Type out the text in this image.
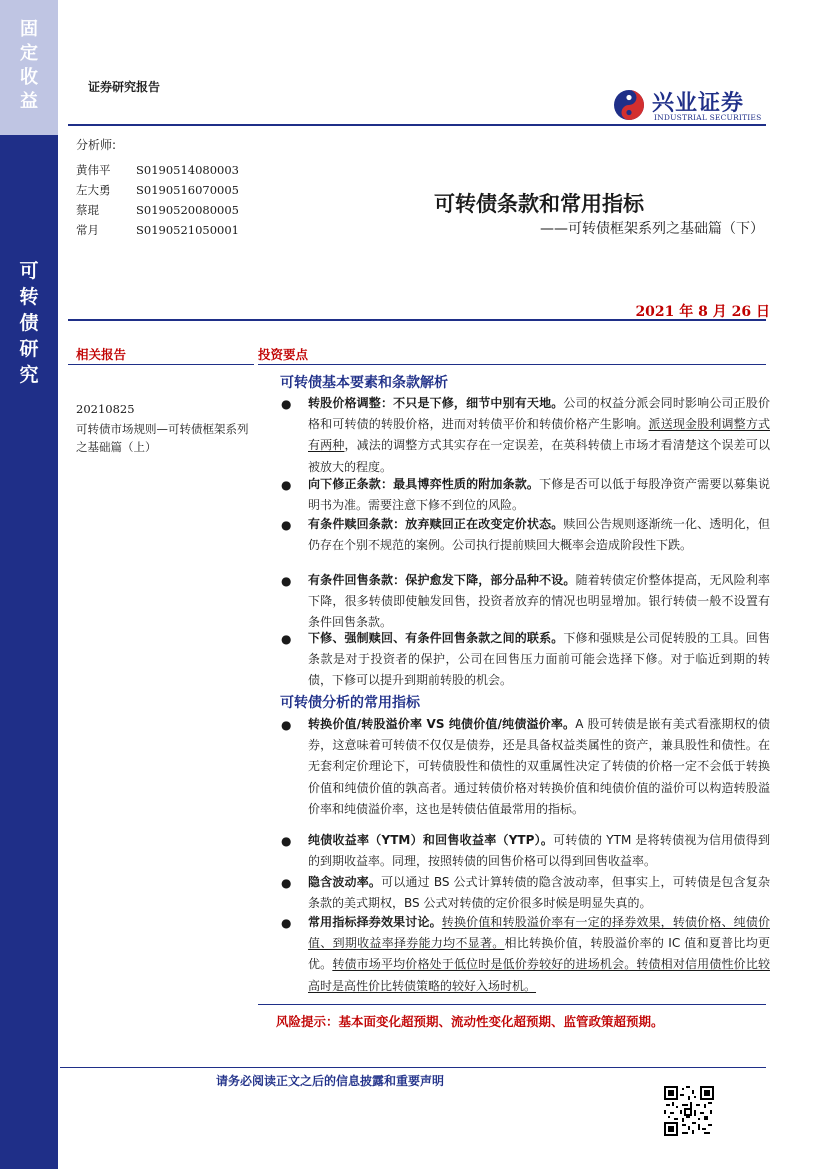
固
定
收
益
可
转
债
研
究
证券研究报告
兴业证券
INDUSTRIAL SECURITIES
分析师:
黄伟平 S0190514080003
左大勇 S0190516070005
蔡琨	S0190520080005
常月	S0190521050001
可转债条款和常用指标
——可转债框架系列之基础篇（下）
2021 年 8 月 26 日
相关报告
20210825
可转债市场规则—可转债框架系列之基础篇（上）
投资要点
可转债基本要素和条款解析
● 转股价格调整：不只是下修，细节中别有天地。公司的权益分派会同时影响公司正股价格和可转债的转股价格，进而对转债平价和转债价格产生影响。派送现金股利调整方式有两种，减法的调整方式其实存在一定误差，在英科转债上市场才看清楚这个误差可以被放大的程度。
● 向下修正条款：最具博弈性质的附加条款。下修是否可以低于每股净资产需要以募集说明书为准。需要注意下修不到位的风险。
● 有条件赎回条款：放弃赎回正在改变定价状态。赎回公告规则逐渐统一化、透明化，但仍存在个别不规范的案例。公司执行提前赎回大概率会造成阶段性下跌。
● 有条件回售条款：保护愈发下降，部分品种不设。随着转债定价整体提高，无风险利率下降，很多转债即使触发回售，投资者放弃的情况也明显增加。银行转债一般不设置有条件回售条款。
● 下修、强制赎回、有条件回售条款之间的联系。下修和强赎是公司促转股的工具。回售条款是对于投资者的保护，公司在回售压力面前可能会选择下修。对于临近到期的转债，下修可以提升到期前转股的机会。
可转债分析的常用指标
● 转换价值/转股溢价率 VS 纯债价值/纯债溢价率。A 股可转债是嵌有美式看涨期权的债券，这意味着可转债不仅仅是债券，还是具备权益类属性的资产，兼具股性和债性。在无套利定价理论下，可转债股性和债性的双重属性决定了转债的价格一定不会低于转换价值和纯债价值的孰高者。通过转债价格对转换价值和纯债价值的溢价可以构造转股溢价率和纯债溢价率，这也是转债估值最常用的指标。
● 纯债收益率（YTM）和回售收益率（YTP）。可转债的 YTM 是将转债视为信用债得到的到期收益率。同理，按照转债的回售价格可以得到回售收益率。
● 隐含波动率。可以通过 BS 公式计算转债的隐含波动率，但事实上，可转债是包含复杂条款的美式期权，BS 公式对转债的定价很多时候是明显失真的。
● 常用指标择券效果讨论。转换价值和转股溢价率有一定的择券效果，转债价格、纯债价值、到期收益率择券能力均不显著。相比转换价值，转股溢价率的 IC 值和夏普比均更优。转债市场平均价格处于低位时是低价券较好的进场机会。转债相对信用债性价比较高时是高性价比转债策略的较好入场时机。
风险提示：基本面变化超预期、流动性变化超预期、监管政策超预期。
请务必阅读正文之后的信息披露和重要声明
